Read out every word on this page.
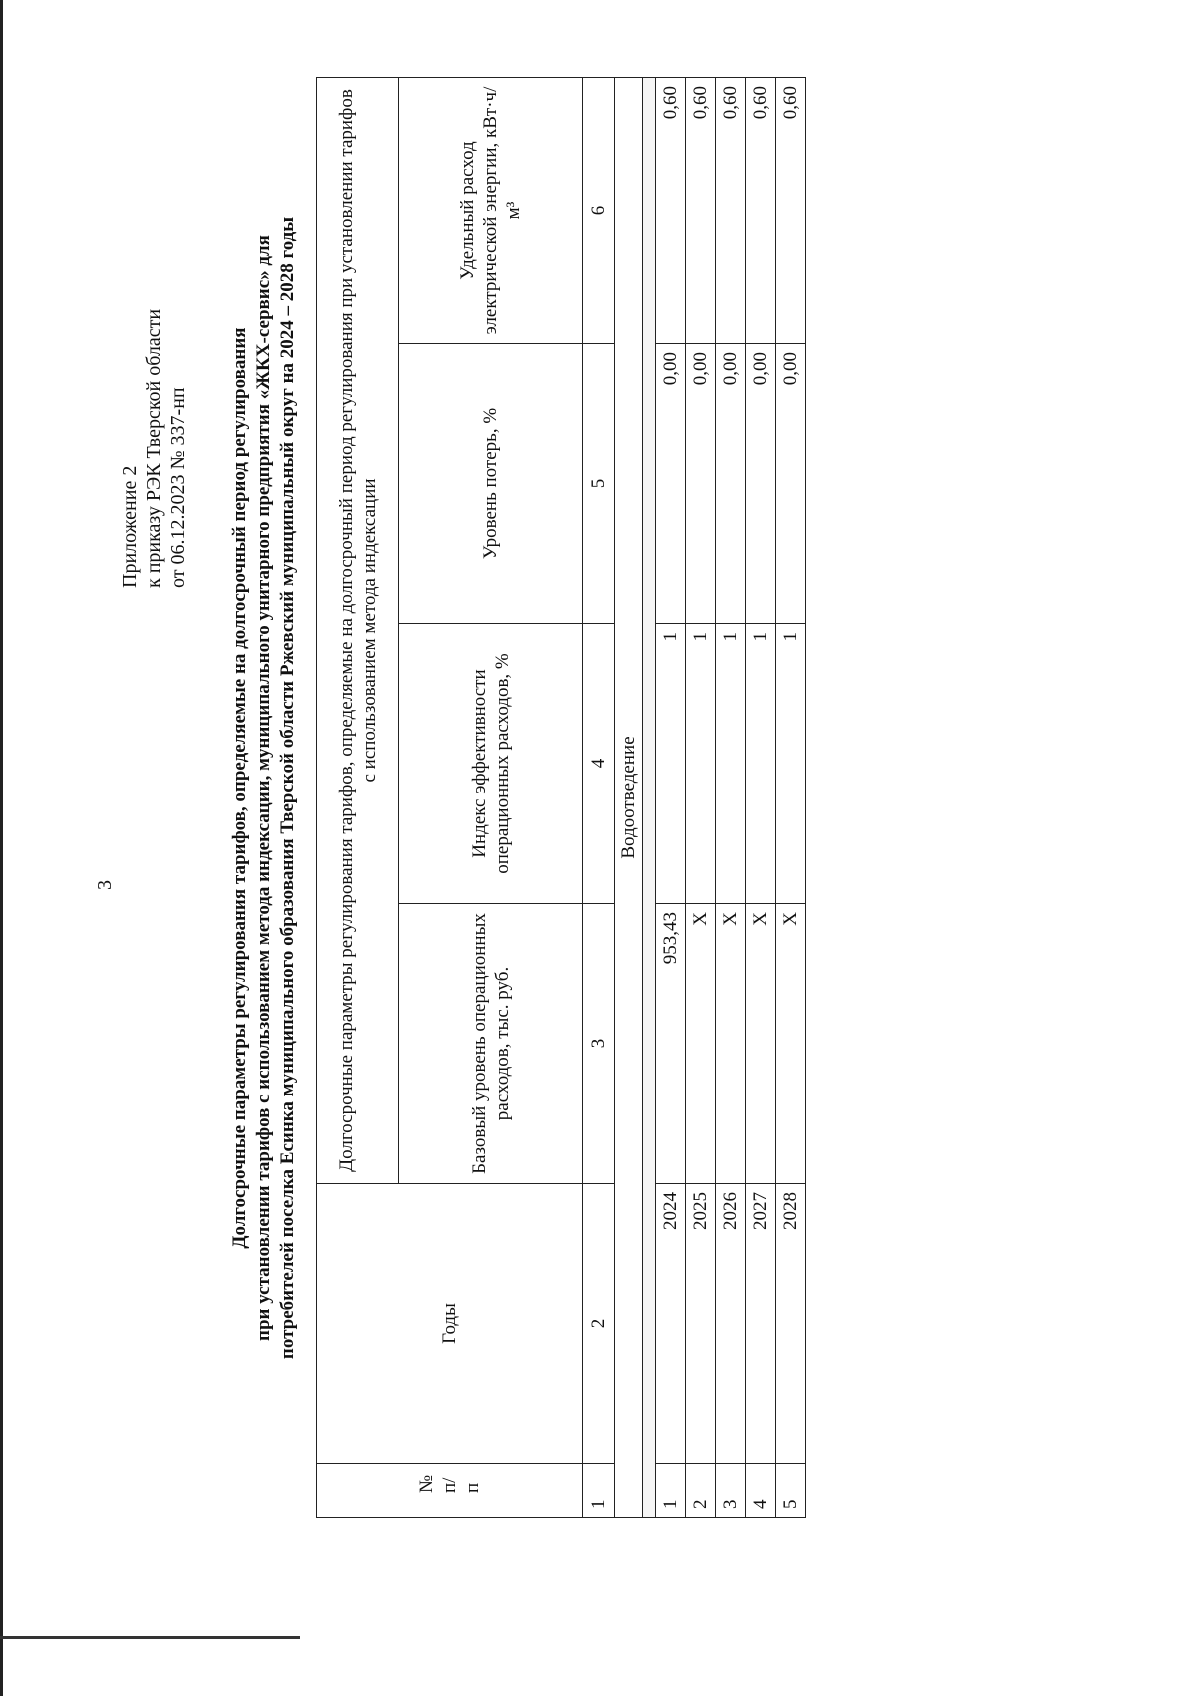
3
Приложение 2 к приказу РЭК Тверской области от 06.12.2023 № 337-нп Долгосрочные параметры регулирования тарифов, определяемые на долгосрочный период регулирования при установлении тарифов с использованием метода индексации, муниципального унитарного предприятия «ЖКХ-сервис» для потребителей поселка Есинка муниципального образования Тверской области Ржевский муниципальный округ на 2024 – 2028 годы
№ п/п	Годы	Долгосрочные параметры регулирования тарифов, определяемые на долгосрочный период регулирования при установлении тарифов с использованием метода индексации			
		Базовый уровень операционных расходов, тыс. руб.	Индекс эффективности операционных расходов, %	Уровень потерь, %	Удельный расход электрической энергии, кВт·ч/м³
1	2	3	4	5	6
Водоотведение					

1	2024	953,43	1	0,00	0,60
2	2025	Х	1	0,00	0,60
3	2026	Х	1	0,00	0,60
4	2027	Х	1	0,00	0,60
5	2028	Х	1	0,00	0,60
